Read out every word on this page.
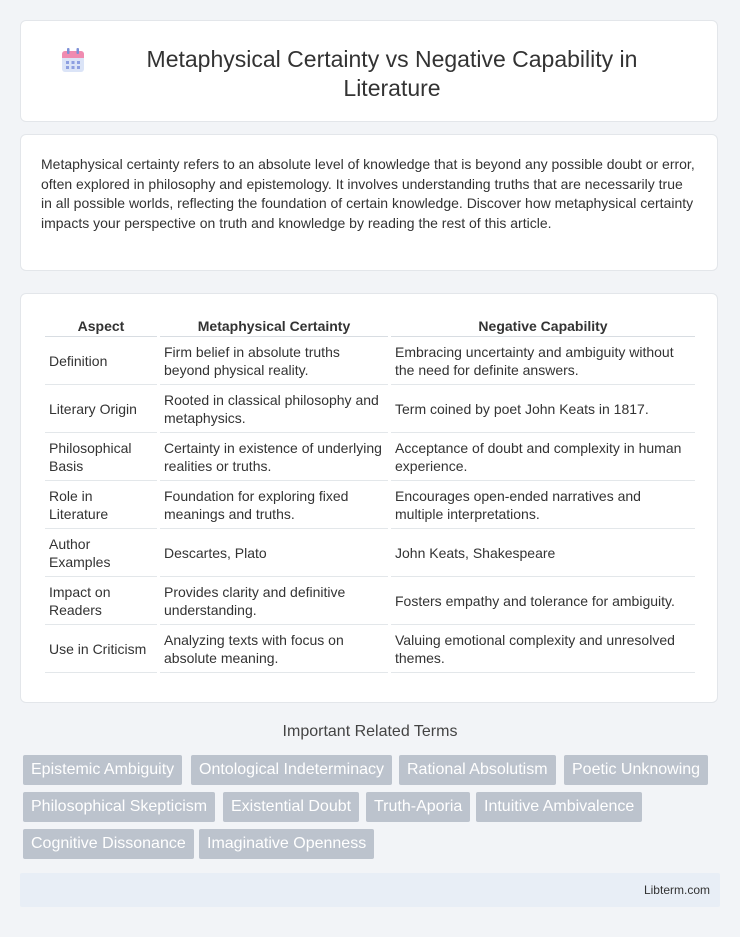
Metaphysical Certainty vs Negative Capability in Literature

Metaphysical certainty refers to an absolute level of knowledge that is beyond any possible doubt or error, often explored in philosophy and epistemology. It involves understanding truths that are necessarily true in all possible worlds, reflecting the foundation of certain knowledge. Discover how metaphysical certainty impacts your perspective on truth and knowledge by reading the rest of this article.

Aspect	Metaphysical Certainty	Negative Capability
Definition	Firm belief in absolute truths beyond physical reality.	Embracing uncertainty and ambiguity without the need for definite answers.
Literary Origin	Rooted in classical philosophy and metaphysics.	Term coined by poet John Keats in 1817.
Philosophical Basis	Certainty in existence of underlying realities or truths.	Acceptance of doubt and complexity in human experience.
Role in Literature	Foundation for exploring fixed meanings and truths.	Encourages open-ended narratives and multiple interpretations.
Author Examples	Descartes, Plato	John Keats, Shakespeare
Impact on Readers	Provides clarity and definitive understanding.	Fosters empathy and tolerance for ambiguity.
Use in Criticism	Analyzing texts with focus on absolute meaning.	Valuing emotional complexity and unresolved themes.
Important Related Terms
Epistemic Ambiguity	Ontological Indeterminacy	Rational Absolutism	Poetic Unknowing
Philosophical Skepticism	Existential Doubt	Truth-Aporia	Intuitive Ambivalence
Cognitive Dissonance	Imaginative Openness
Libterm.com
